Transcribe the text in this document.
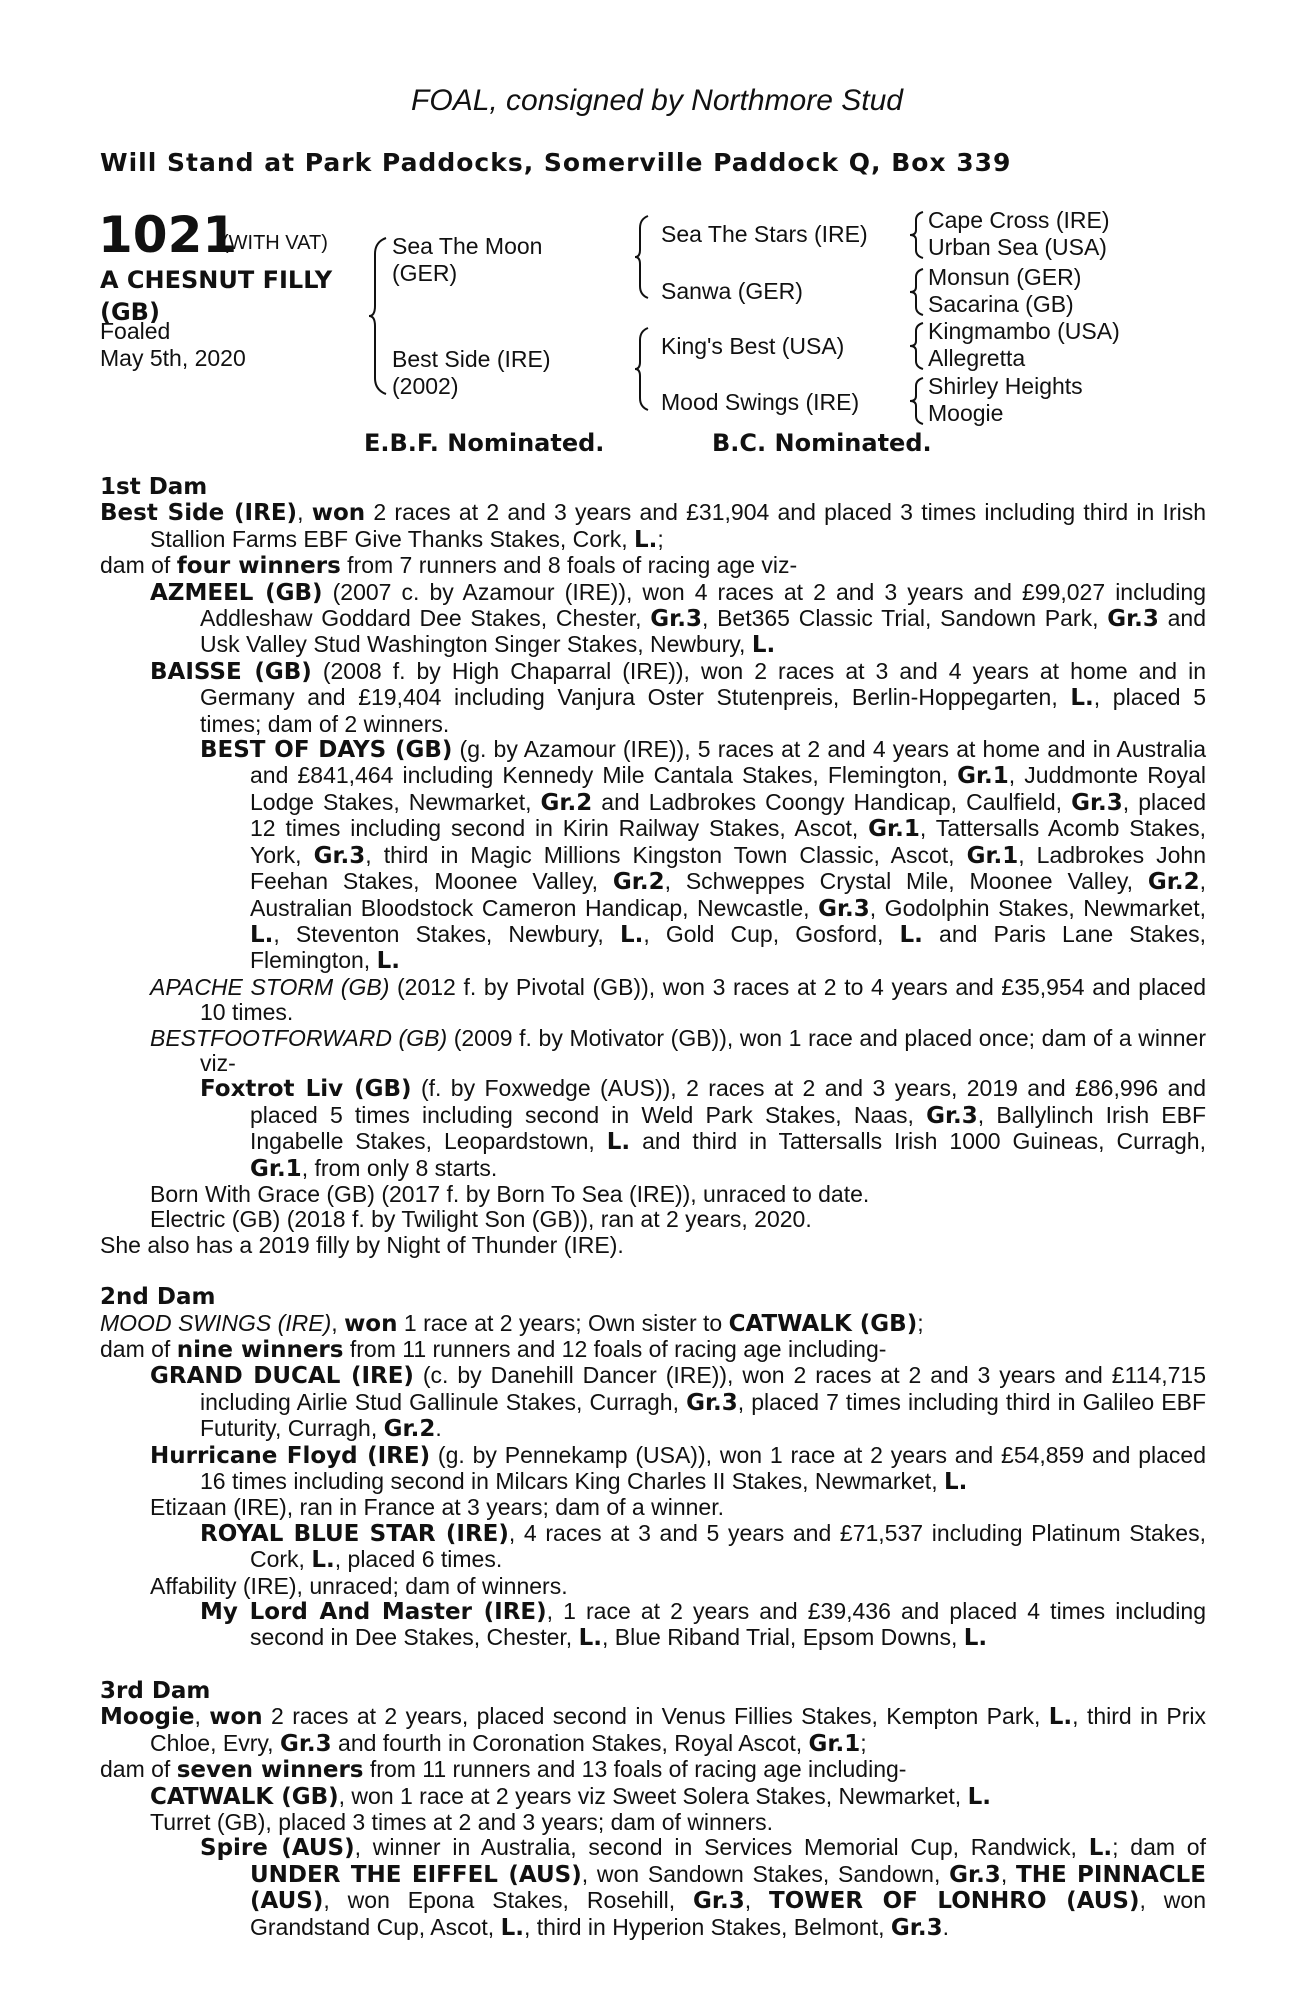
FOAL, consigned by Northmore Stud
Will Stand at Park Paddocks, Somerville Paddock Q, Box 339
1021
(WITH VAT)
A CHESNUT FILLY
(GB)
Foaled
May 5th, 2020
Sea The Moon
(GER)
Best Side (IRE)
(2002)
Sea The Stars (IRE)
Sanwa (GER)
King's Best (USA)
Mood Swings (IRE)
Cape Cross (IRE)
Urban Sea (USA)
Monsun (GER)
Sacarina (GB)
Kingmambo (USA)
Allegretta
Shirley Heights
Moogie
E.B.F. Nominated.	B.C. Nominated.
1st Dam
Best Side (IRE), won 2 races at 2 and 3 years and £31,904 and placed 3 times including third in Irish Stallion Farms EBF Give Thanks Stakes, Cork, L.;
dam of four winners from 7 runners and 8 foals of racing age viz-
AZMEEL (GB) (2007 c. by Azamour (IRE)), won 4 races at 2 and 3 years and £99,027 including Addleshaw Goddard Dee Stakes, Chester, Gr.3, Bet365 Classic Trial, Sandown Park, Gr.3 and Usk Valley Stud Washington Singer Stakes, Newbury, L.
BAISSE (GB) (2008 f. by High Chaparral (IRE)), won 2 races at 3 and 4 years at home and in Germany and £19,404 including Vanjura Oster Stutenpreis, Berlin-Hoppegarten, L., placed 5 times; dam of 2 winners.
BEST OF DAYS (GB) (g. by Azamour (IRE)), 5 races at 2 and 4 years at home and in Australia and £841,464 including Kennedy Mile Cantala Stakes, Flemington, Gr.1, Juddmonte Royal Lodge Stakes, Newmarket, Gr.2 and Ladbrokes Coongy Handicap, Caulfield, Gr.3, placed 12 times including second in Kirin Railway Stakes, Ascot, Gr.1, Tattersalls Acomb Stakes, York, Gr.3, third in Magic Millions Kingston Town Classic, Ascot, Gr.1, Ladbrokes John Feehan Stakes, Moonee Valley, Gr.2, Schweppes Crystal Mile, Moonee Valley, Gr.2, Australian Bloodstock Cameron Handicap, Newcastle, Gr.3, Godolphin Stakes, Newmarket, L., Steventon Stakes, Newbury, L., Gold Cup, Gosford, L. and Paris Lane Stakes, Flemington, L.
APACHE STORM (GB) (2012 f. by Pivotal (GB)), won 3 races at 2 to 4 years and £35,954 and placed 10 times.
BESTFOOTFORWARD (GB) (2009 f. by Motivator (GB)), won 1 race and placed once; dam of a winner viz-
Foxtrot Liv (GB) (f. by Foxwedge (AUS)), 2 races at 2 and 3 years, 2019 and £86,996 and placed 5 times including second in Weld Park Stakes, Naas, Gr.3, Ballylinch Irish EBF Ingabelle Stakes, Leopardstown, L. and third in Tattersalls Irish 1000 Guineas, Curragh, Gr.1, from only 8 starts.
Born With Grace (GB) (2017 f. by Born To Sea (IRE)), unraced to date.
Electric (GB) (2018 f. by Twilight Son (GB)), ran at 2 years, 2020.
She also has a 2019 filly by Night of Thunder (IRE).
2nd Dam
MOOD SWINGS (IRE), won 1 race at 2 years; Own sister to CATWALK (GB);
dam of nine winners from 11 runners and 12 foals of racing age including-
GRAND DUCAL (IRE) (c. by Danehill Dancer (IRE)), won 2 races at 2 and 3 years and £114,715 including Airlie Stud Gallinule Stakes, Curragh, Gr.3, placed 7 times including third in Galileo EBF Futurity, Curragh, Gr.2.
Hurricane Floyd (IRE) (g. by Pennekamp (USA)), won 1 race at 2 years and £54,859 and placed 16 times including second in Milcars King Charles II Stakes, Newmarket, L.
Etizaan (IRE), ran in France at 3 years; dam of a winner.
ROYAL BLUE STAR (IRE), 4 races at 3 and 5 years and £71,537 including Platinum Stakes, Cork, L., placed 6 times.
Affability (IRE), unraced; dam of winners.
My Lord And Master (IRE), 1 race at 2 years and £39,436 and placed 4 times including second in Dee Stakes, Chester, L., Blue Riband Trial, Epsom Downs, L.
3rd Dam
Moogie, won 2 races at 2 years, placed second in Venus Fillies Stakes, Kempton Park, L., third in Prix Chloe, Evry, Gr.3 and fourth in Coronation Stakes, Royal Ascot, Gr.1;
dam of seven winners from 11 runners and 13 foals of racing age including-
CATWALK (GB), won 1 race at 2 years viz Sweet Solera Stakes, Newmarket, L.
Turret (GB), placed 3 times at 2 and 3 years; dam of winners.
Spire (AUS), winner in Australia, second in Services Memorial Cup, Randwick, L.; dam of UNDER THE EIFFEL (AUS), won Sandown Stakes, Sandown, Gr.3, THE PINNACLE (AUS), won Epona Stakes, Rosehill, Gr.3, TOWER OF LONHRO (AUS), won Grandstand Cup, Ascot, L., third in Hyperion Stakes, Belmont, Gr.3.
